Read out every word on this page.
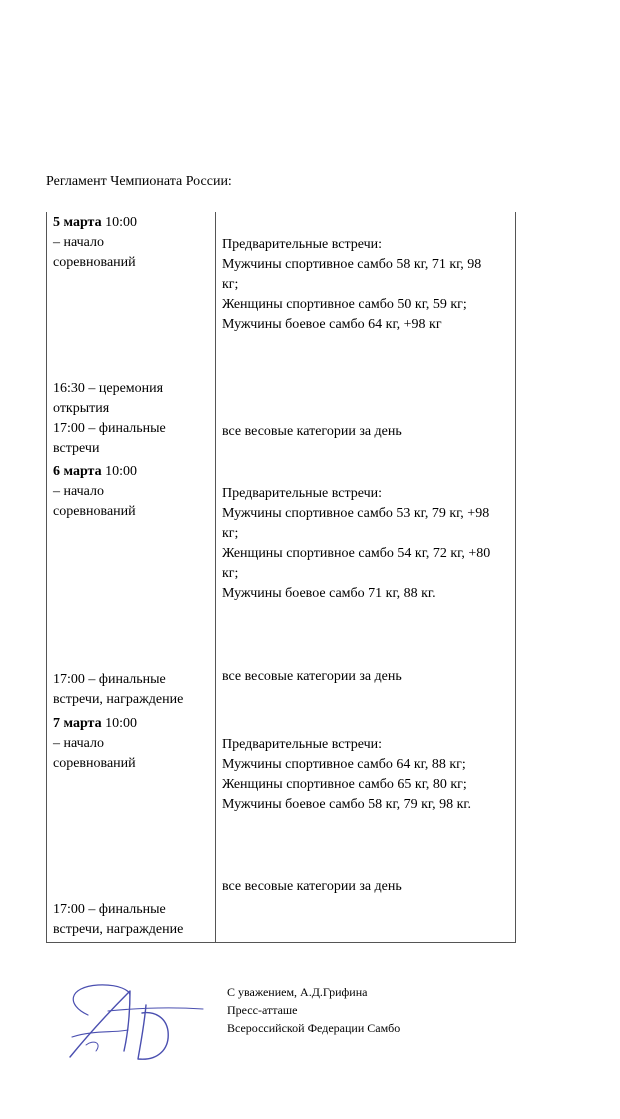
Регламент Чемпионата России:
5 марта 10:00
– начало
соревнований
Предварительные встречи:
Мужчины спортивное самбо 58 кг, 71 кг, 98
кг;
Женщины спортивное самбо 50 кг, 59 кг;
Мужчины боевое самбо 64 кг, +98 кг
16:30 – церемония
открытия
17:00 – финальные
встречи
все весовые категории за день
6 марта 10:00
– начало
соревнований
Предварительные встречи:
Мужчины спортивное самбо 53 кг, 79 кг, +98
кг;
Женщины спортивное самбо 54 кг, 72 кг, +80
кг;
Мужчины боевое самбо 71 кг, 88 кг.
все весовые категории за день
17:00 – финальные
встречи, награждение
7 марта 10:00
– начало
соревнований
Предварительные встречи:
Мужчины спортивное самбо 64 кг, 88 кг;
Женщины спортивное самбо 65 кг, 80 кг;
Мужчины боевое самбо 58 кг, 79 кг, 98 кг.
все весовые категории за день
17:00 – финальные
встречи, награждение
С уважением, А.Д.Грифина
Пресс-атташе
Всероссийской Федерации Самбо
